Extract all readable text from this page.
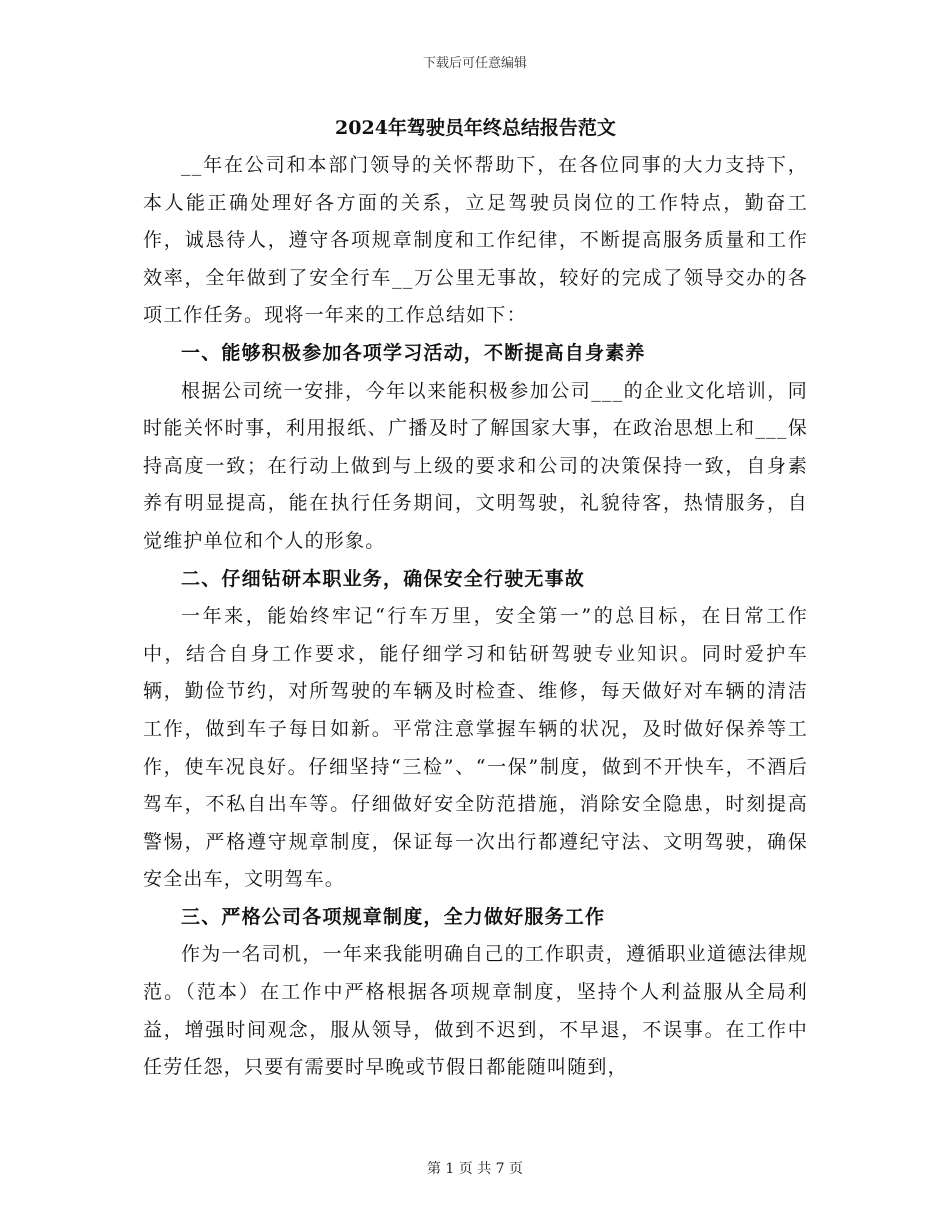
下载后可任意编辑
2024年驾驶员年终总结报告范文

__年在公司和本部门领导的关怀帮助下，在各位同事的大力支持下，本人能正确处理好各方面的关系，立足驾驶员岗位的工作特点，勤奋工作，诚恳待人，遵守各项规章制度和工作纪律，不断提高服务质量和工作效率，全年做到了安全行车__万公里无事故，较好的完成了领导交办的各项工作任务。现将一年来的工作总结如下：

一、能够积极参加各项学习活动，不断提高自身素养

根据公司统一安排，今年以来能积极参加公司___的企业文化培训，同时能关怀时事，利用报纸、广播及时了解国家大事，在政治思想上和___保持高度一致；在行动上做到与上级的要求和公司的决策保持一致，自身素养有明显提高，能在执行任务期间，文明驾驶，礼貌待客，热情服务，自觉维护单位和个人的形象。

二、仔细钻研本职业务，确保安全行驶无事故

一年来，能始终牢记“行车万里，安全第一”的总目标，在日常工作中，结合自身工作要求，能仔细学习和钻研驾驶专业知识。同时爱护车辆，勤俭节约，对所驾驶的车辆及时检查、维修，每天做好对车辆的清洁工作，做到车子每日如新。平常注意掌握车辆的状况，及时做好保养等工作，使车况良好。仔细坚持“三检”、“一保”制度，做到不开快车，不酒后驾车，不私自出车等。仔细做好安全防范措施，消除安全隐患，时刻提高警惕，严格遵守规章制度，保证每一次出行都遵纪守法、文明驾驶，确保安全出车，文明驾车。

三、严格公司各项规章制度，全力做好服务工作

作为一名司机，一年来我能明确自己的工作职责，遵循职业道德法律规范。（范本）在工作中严格根据各项规章制度，坚持个人利益服从全局利益，增强时间观念，服从领导，做到不迟到，不早退，不误事。在工作中任劳任怨，只要有需要时早晚或节假日都能随叫随到，

第 1 页 共 7 页
